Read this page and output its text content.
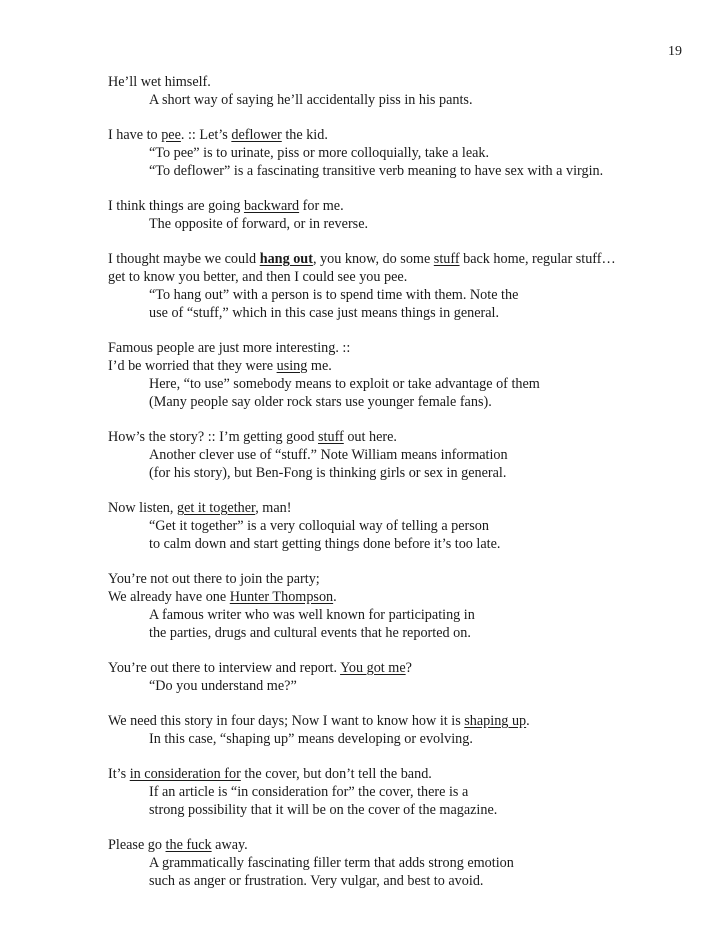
19
He’ll wet himself.
A short way of saying he’ll accidentally piss in his pants.
I have to pee. :: Let’s deflower the kid.
“To pee” is to urinate, piss or more colloquially, take a leak.
“To deflower” is a fascinating transitive verb meaning to have sex with a virgin.
I think things are going backward for me.
The opposite of forward, or in reverse.
I thought maybe we could hang out, you know, do some stuff back home, regular stuff…
get to know you better, and then I could see you pee.
“To hang out” with a person is to spend time with them. Note the
use of “stuff,” which in this case just means things in general.
Famous people are just more interesting. ::
I’d be worried that they were using me.
Here, “to use” somebody means to exploit or take advantage of them
(Many people say older rock stars use younger female fans).
How’s the story? :: I’m getting good stuff out here.
Another clever use of “stuff.” Note William means information
(for his story), but Ben-Fong is thinking girls or sex in general.
Now listen, get it together, man!
“Get it together” is a very colloquial way of telling a person
to calm down and start getting things done before it’s too late.
You’re not out there to join the party;
We already have one Hunter Thompson.
A famous writer who was well known for participating in
the parties, drugs and cultural events that he reported on.
You’re out there to interview and report. You got me?
“Do you understand me?”
We need this story in four days; Now I want to know how it is shaping up.
In this case, “shaping up” means developing or evolving.
It’s in consideration for the cover, but don’t tell the band.
If an article is “in consideration for” the cover, there is a
strong possibility that it will be on the cover of the magazine.
Please go the fuck away.
A grammatically fascinating filler term that adds strong emotion
such as anger or frustration. Very vulgar, and best to avoid.
